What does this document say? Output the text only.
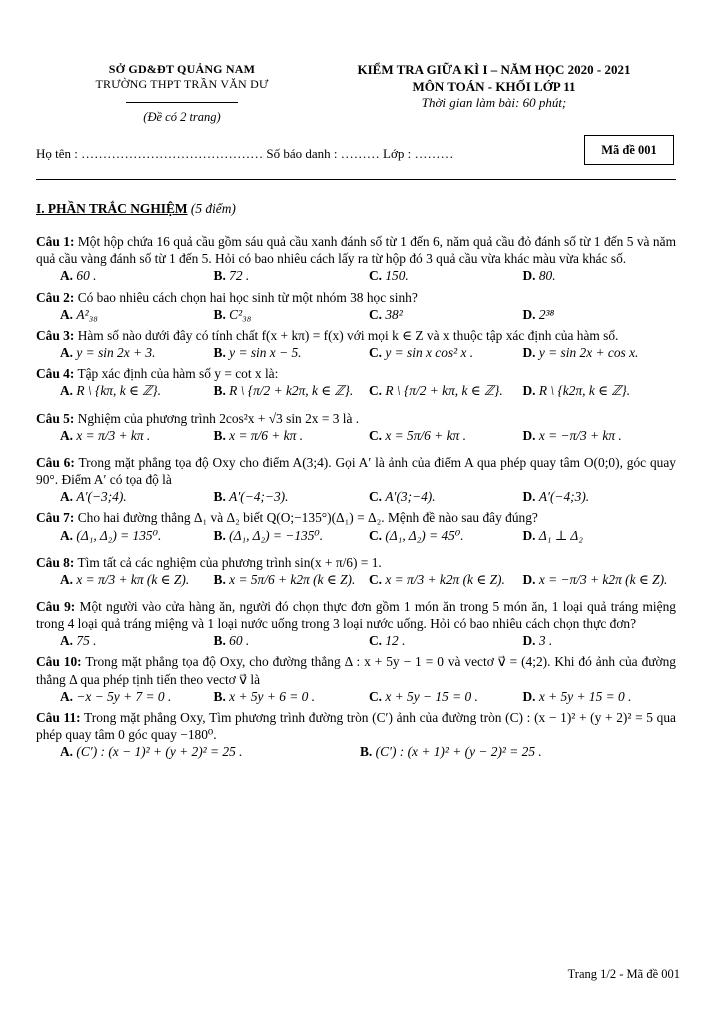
SỞ GD&ĐT QUẢNG NAM
TRƯỜNG THPT TRẦN VĂN DƯ
(Đề có 2 trang)
KIỂM TRA GIỮA KÌ I – NĂM HỌC 2020 - 2021
MÔN TOÁN - KHỐI LỚP 11
Thời gian làm bài: 60 phút;
Họ tên : …………………………………… Số báo danh : ……… Lớp : ………	Mã đề 001
I. PHẦN TRẮC NGHIỆM (5 điểm)

Câu 1: Một hộp chứa 16 quả cầu gồm sáu quả cầu xanh đánh số từ 1 đến 6, năm quả cầu đỏ đánh số từ 1 đến 5 và năm quả cầu vàng đánh số từ 1 đến 5. Hỏi có bao nhiêu cách lấy ra từ hộp đó 3 quả cầu vừa khác màu vừa khác số.

A. 60 .	B. 72 .	C. 150.	D. 80.

Câu 2: Có bao nhiêu cách chọn hai học sinh từ một nhóm 38 học sinh?

A. A²₃₈	B. C²₃₈	C. 38²	D. 2³⁸

Câu 3: Hàm số nào dưới đây có tính chất f(x + kπ) = f(x) với mọi k ∈ Z và x thuộc tập xác định của hàm số.

A. y = sin 2x + 3.	B. y = sin x − 5.	C. y = sin x cos² x .	D. y = sin 2x + cos x.

Câu 4: Tập xác định của hàm số y = cot x là:

A. R \ {kπ, k ∈ ℤ}.	B. R \ {π/2 + k2π, k ∈ ℤ}.	C. R \ {π/2 + kπ, k ∈ ℤ}.	D. R \ {k2π, k ∈ ℤ}.

Câu 5: Nghiệm của phương trình 2cos²x + √3 sin 2x = 3 là .

A. x = π/3 + kπ .	B. x = π/6 + kπ .	C. x = 5π/6 + kπ .	D. x = −π/3 + kπ .

Câu 6: Trong mặt phẳng tọa độ Oxy cho điểm A(3;4). Gọi A′ là ảnh của điểm A qua phép quay tâm O(0;0), góc quay 90°. Điểm A′ có tọa độ là

A. A′(−3;4).	B. A′(−4;−3).	C. A′(3;−4).	D. A′(−4;3).

Câu 7: Cho hai đường thẳng Δ₁ và Δ₂ biết Q(O;−135°)(Δ₁) = Δ₂. Mệnh đề nào sau đây đúng?

A. (Δ₁, Δ₂) = 135⁰.	B. (Δ₁, Δ₂) = −135⁰.	C. (Δ₁, Δ₂) = 45⁰.	D. Δ₁ ⊥ Δ₂

Câu 8: Tìm tất cả các nghiệm của phương trình sin(x + π/6) = 1.

A. x = π/3 + kπ (k ∈ Z).	B. x = 5π/6 + k2π (k ∈ Z).	C. x = π/3 + k2π (k ∈ Z).	D. x = −π/3 + k2π (k ∈ Z).

Câu 9: Một người vào cửa hàng ăn, người đó chọn thực đơn gồm 1 món ăn trong 5 món ăn, 1 loại quả tráng miệng trong 4 loại quả tráng miệng và 1 loại nước uống trong 3 loại nước uống. Hỏi có bao nhiêu cách chọn thực đơn?

A. 75 .	B. 60 .	C. 12 .	D. 3 .

Câu 10: Trong mặt phẳng tọa độ Oxy, cho đường thẳng Δ : x + 5y − 1 = 0 và vectơ v⃗ = (4;2). Khi đó ảnh của đường thẳng Δ qua phép tịnh tiến theo vectơ v⃗ là

A. −x − 5y + 7 = 0 .	B. x + 5y + 6 = 0 .	C. x + 5y − 15 = 0 .	D. x + 5y + 15 = 0 .

Câu 11: Trong mặt phẳng Oxy, Tìm phương trình đường tròn (C′) ảnh của đường tròn (C) : (x − 1)² + (y + 2)² = 5 qua phép quay tâm 0 góc quay −180⁰.

A. (C′) : (x − 1)² + (y + 2)² = 25 .	B. (C′) : (x + 1)² + (y − 2)² = 25 .
Trang 1/2 - Mã đề 001
